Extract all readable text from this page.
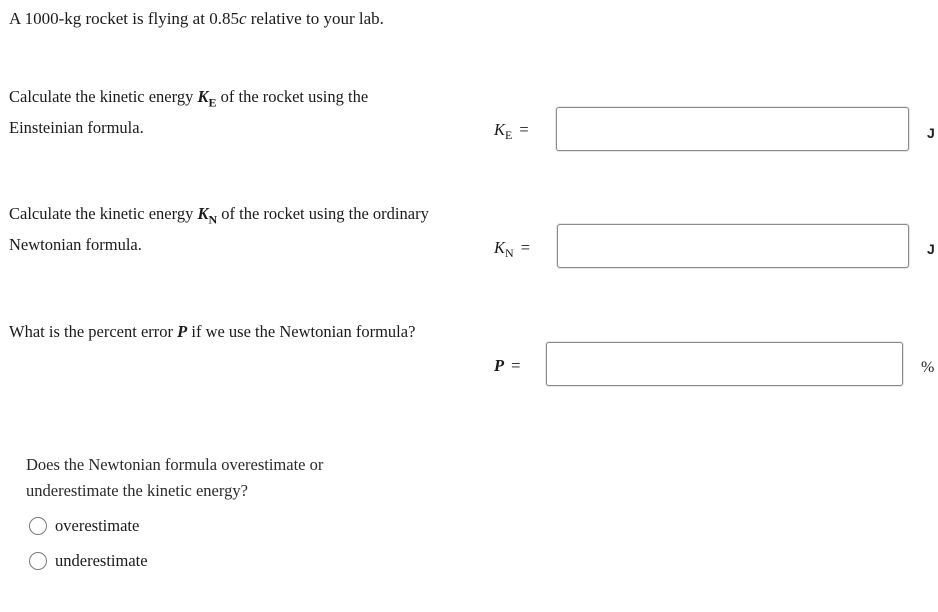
A 1000-kg rocket is flying at 0.85c relative to your lab.
Calculate the kinetic energy $K_E$ of the rocket using the Einsteinian formula.	$K_E$ =	J
Calculate the kinetic energy $K_N$ of the rocket using the ordinary Newtonian formula.	$K_N$ =	J
What is the percent error P if we use the Newtonian formula?
P =	%
Does the Newtonian formula overestimate or underestimate the kinetic energy?
overestimate
underestimate
